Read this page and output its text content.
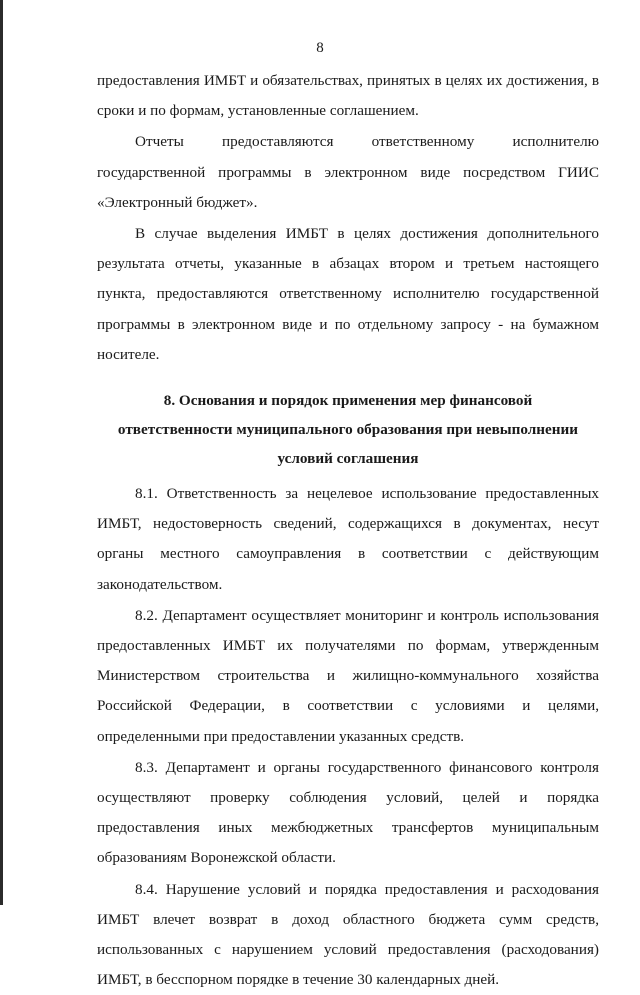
8

предоставления ИМБТ и обязательствах, принятых в целях их достижения, в сроки и по формам, установленные соглашением.

Отчеты предоставляются ответственному исполнителю государственной программы в электронном виде посредством ГИИС «Электронный бюджет».

В случае выделения ИМБТ в целях достижения дополнительного результата отчеты, указанные в абзацах втором и третьем настоящего пункта, предоставляются ответственному исполнителю государственной программы в электронном виде и по отдельному запросу - на бумажном носителе.

8. Основания и порядок применения мер финансовой ответственности муниципального образования при невыполнении условий соглашения

8.1. Ответственность за нецелевое использование предоставленных ИМБТ, недостоверность сведений, содержащихся в документах, несут органы местного самоуправления в соответствии с действующим законодательством.

8.2. Департамент осуществляет мониторинг и контроль использования предоставленных ИМБТ их получателями по формам, утвержденным Министерством строительства и жилищно-коммунального хозяйства Российской Федерации, в соответствии с условиями и целями, определенными при предоставлении указанных средств.

8.3. Департамент и органы государственного финансового контроля осуществляют проверку соблюдения условий, целей и порядка предоставления иных межбюджетных трансфертов муниципальным образованиям Воронежской области.

8.4. Нарушение условий и порядка предоставления и расходования ИМБТ влечет возврат в доход областного бюджета сумм средств, использованных с нарушением условий предоставления (расходования) ИМБТ, в бесспорном порядке в течение 30 календарных дней.
